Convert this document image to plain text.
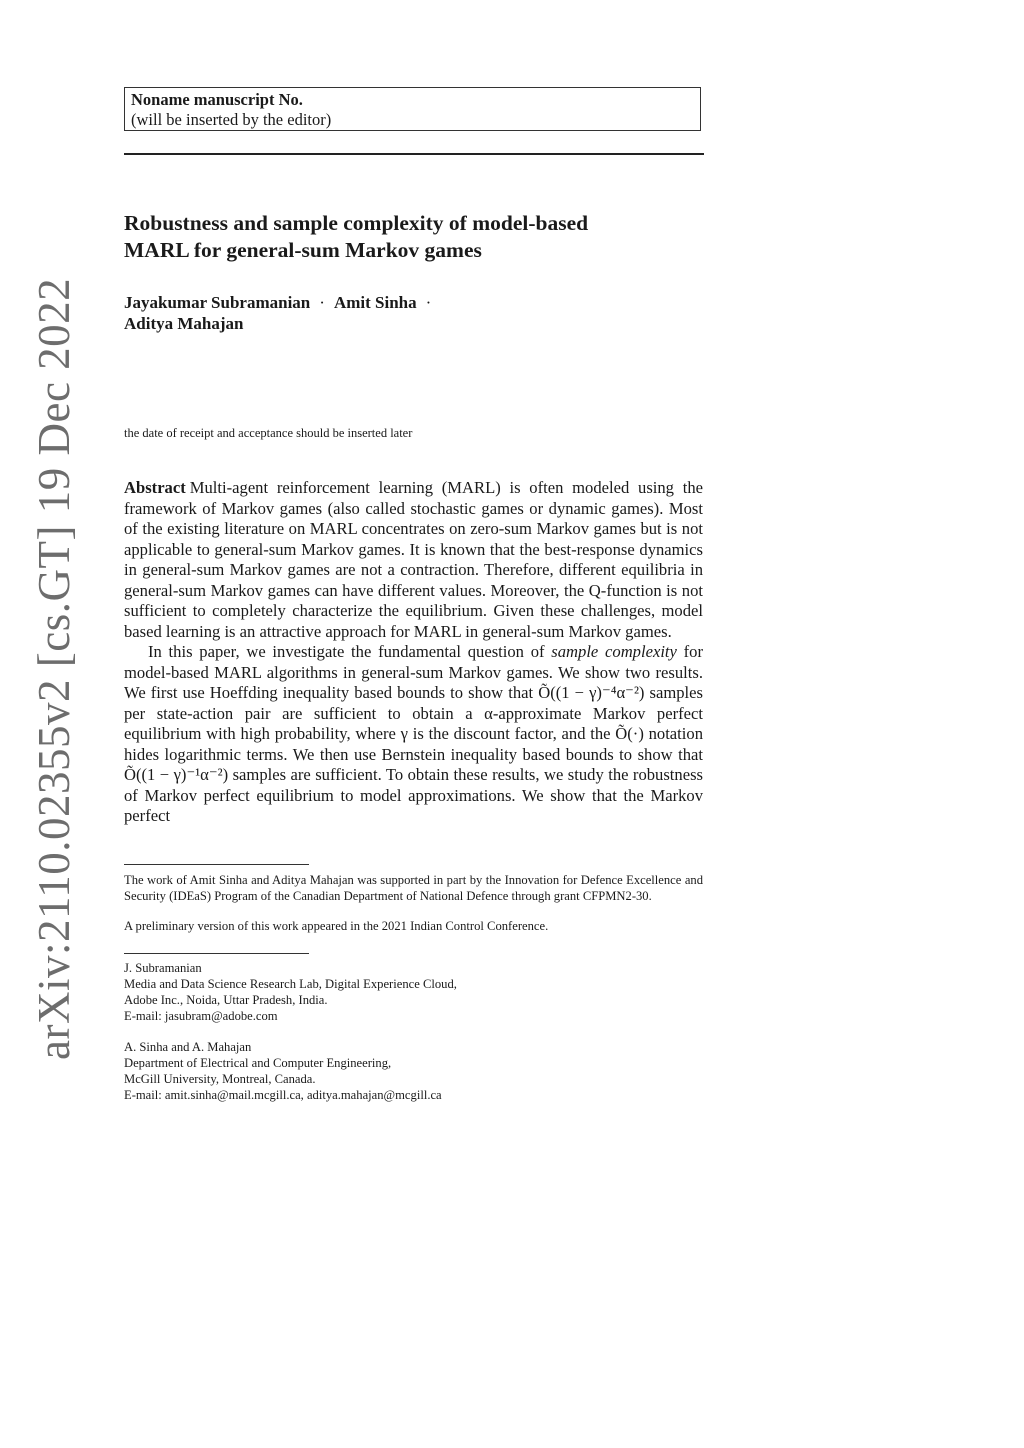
arXiv:2110.02355v2 [cs.GT] 19 Dec 2022
Noname manuscript No.
(will be inserted by the editor)
Robustness and sample complexity of model-based
MARL for general-sum Markov games
Jayakumar Subramanian · Amit Sinha ·
Aditya Mahajan
the date of receipt and acceptance should be inserted later

Abstract Multi-agent reinforcement learning (MARL) is often modeled using the framework of Markov games (also called stochastic games or dynamic games). Most of the existing literature on MARL concentrates on zero-sum Markov games but is not applicable to general-sum Markov games. It is known that the best-response dynamics in general-sum Markov games are not a contraction. Therefore, different equilibria in general-sum Markov games can have different values. Moreover, the Q-function is not sufficient to completely characterize the equilibrium. Given these challenges, model based learning is an attractive approach for MARL in general-sum Markov games.

In this paper, we investigate the fundamental question of sample complexity for model-based MARL algorithms in general-sum Markov games. We show two results. We first use Hoeffding inequality based bounds to show that Õ((1 − γ)⁻⁴α⁻²) samples per state-action pair are sufficient to obtain a α-approximate Markov perfect equilibrium with high probability, where γ is the discount factor, and the Õ(·) notation hides logarithmic terms. We then use Bernstein inequality based bounds to show that Õ((1 − γ)⁻¹α⁻²) samples are sufficient. To obtain these results, we study the robustness of Markov perfect equilibrium to model approximations. We show that the Markov perfect

The work of Amit Sinha and Aditya Mahajan was supported in part by the Innovation for Defence Excellence and Security (IDEaS) Program of the Canadian Department of National Defence through grant CFPMN2-30.

A preliminary version of this work appeared in the 2021 Indian Control Conference.

J. Subramanian
Media and Data Science Research Lab, Digital Experience Cloud,
Adobe Inc., Noida, Uttar Pradesh, India.
E-mail: jasubram@adobe.com
A. Sinha and A. Mahajan
Department of Electrical and Computer Engineering,
McGill University, Montreal, Canada.
E-mail: amit.sinha@mail.mcgill.ca, aditya.mahajan@mcgill.ca
